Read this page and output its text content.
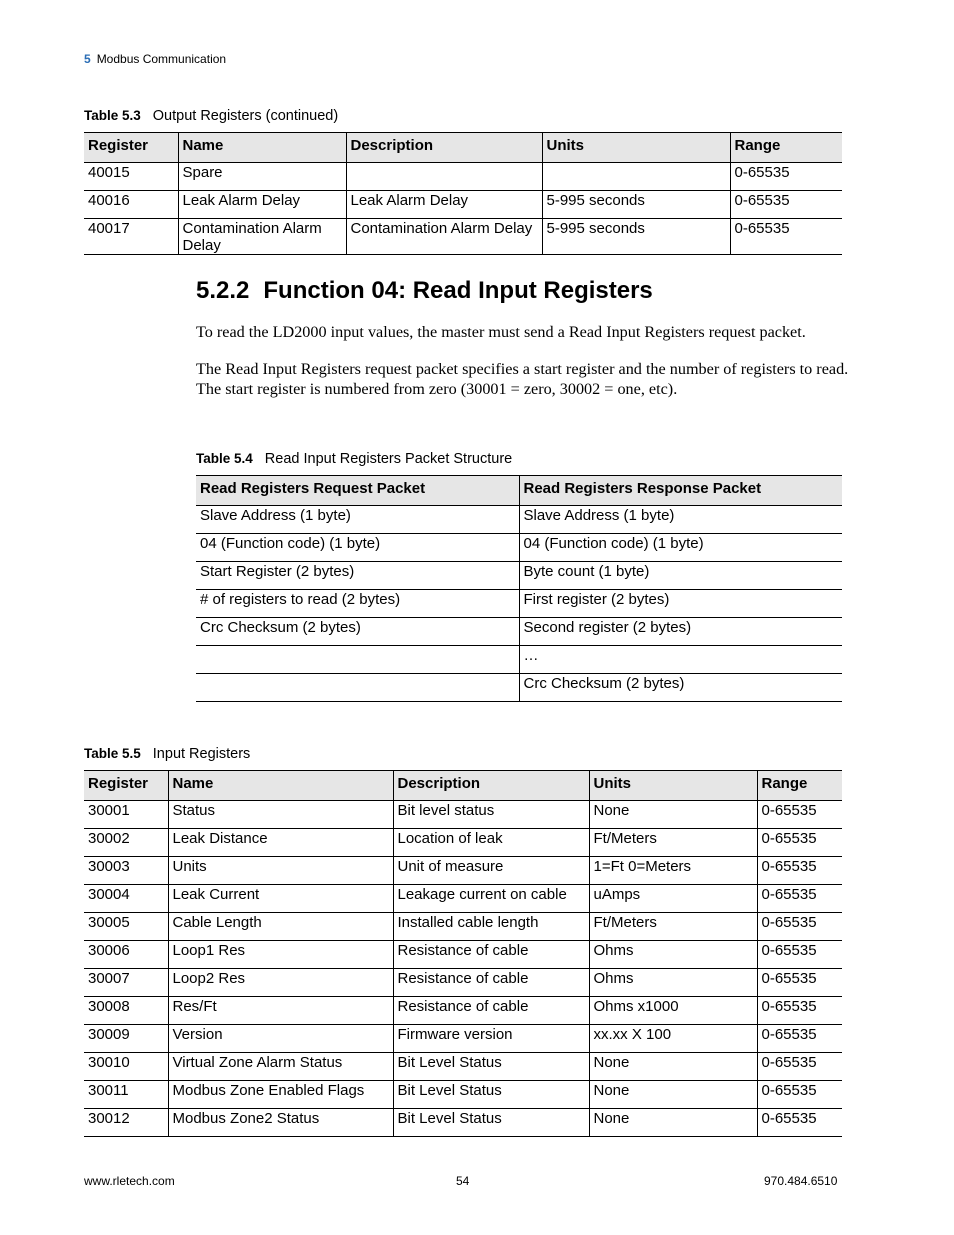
5 Modbus Communication
Table 5.3 Output Registers (continued)
Register	Name	Description	Units	Range
40015	Spare			0-65535
40016	Leak Alarm Delay	Leak Alarm Delay	5-995 seconds	0-65535
40017	Contamination Alarm Delay	Contamination Alarm Delay	5-995 seconds	0-65535
5.2.2 Function 04: Read Input Registers
To read the LD2000 input values, the master must send a Read Input Registers request packet.
The Read Input Registers request packet specifies a start register and the number of registers to read. The start register is numbered from zero (30001 = zero, 30002 = one, etc).
Table 5.4 Read Input Registers Packet Structure
Read Registers Request Packet	Read Registers Response Packet
Slave Address (1 byte)	Slave Address (1 byte)
04 (Function code) (1 byte)	04 (Function code) (1 byte)
Start Register (2 bytes)	Byte count (1 byte)
# of registers to read (2 bytes)	First register (2 bytes)
Crc Checksum (2 bytes)	Second register (2 bytes)
	…
	Crc Checksum (2 bytes)
Table 5.5 Input Registers
Register	Name	Description	Units	Range
30001	Status	Bit level status	None	0-65535
30002	Leak Distance	Location of leak	Ft/Meters	0-65535
30003	Units	Unit of measure	1=Ft 0=Meters	0-65535
30004	Leak Current	Leakage current on cable	uAmps	0-65535
30005	Cable Length	Installed cable length	Ft/Meters	0-65535
30006	Loop1 Res	Resistance of cable	Ohms	0-65535
30007	Loop2 Res	Resistance of cable	Ohms	0-65535
30008	Res/Ft	Resistance of cable	Ohms x1000	0-65535
30009	Version	Firmware version	xx.xx X 100	0-65535
30010	Virtual Zone Alarm Status	Bit Level Status	None	0-65535
30011	Modbus Zone Enabled Flags	Bit Level Status	None	0-65535
30012	Modbus Zone2 Status	Bit Level Status	None	0-65535
www.rletech.com	54	970.484.6510
